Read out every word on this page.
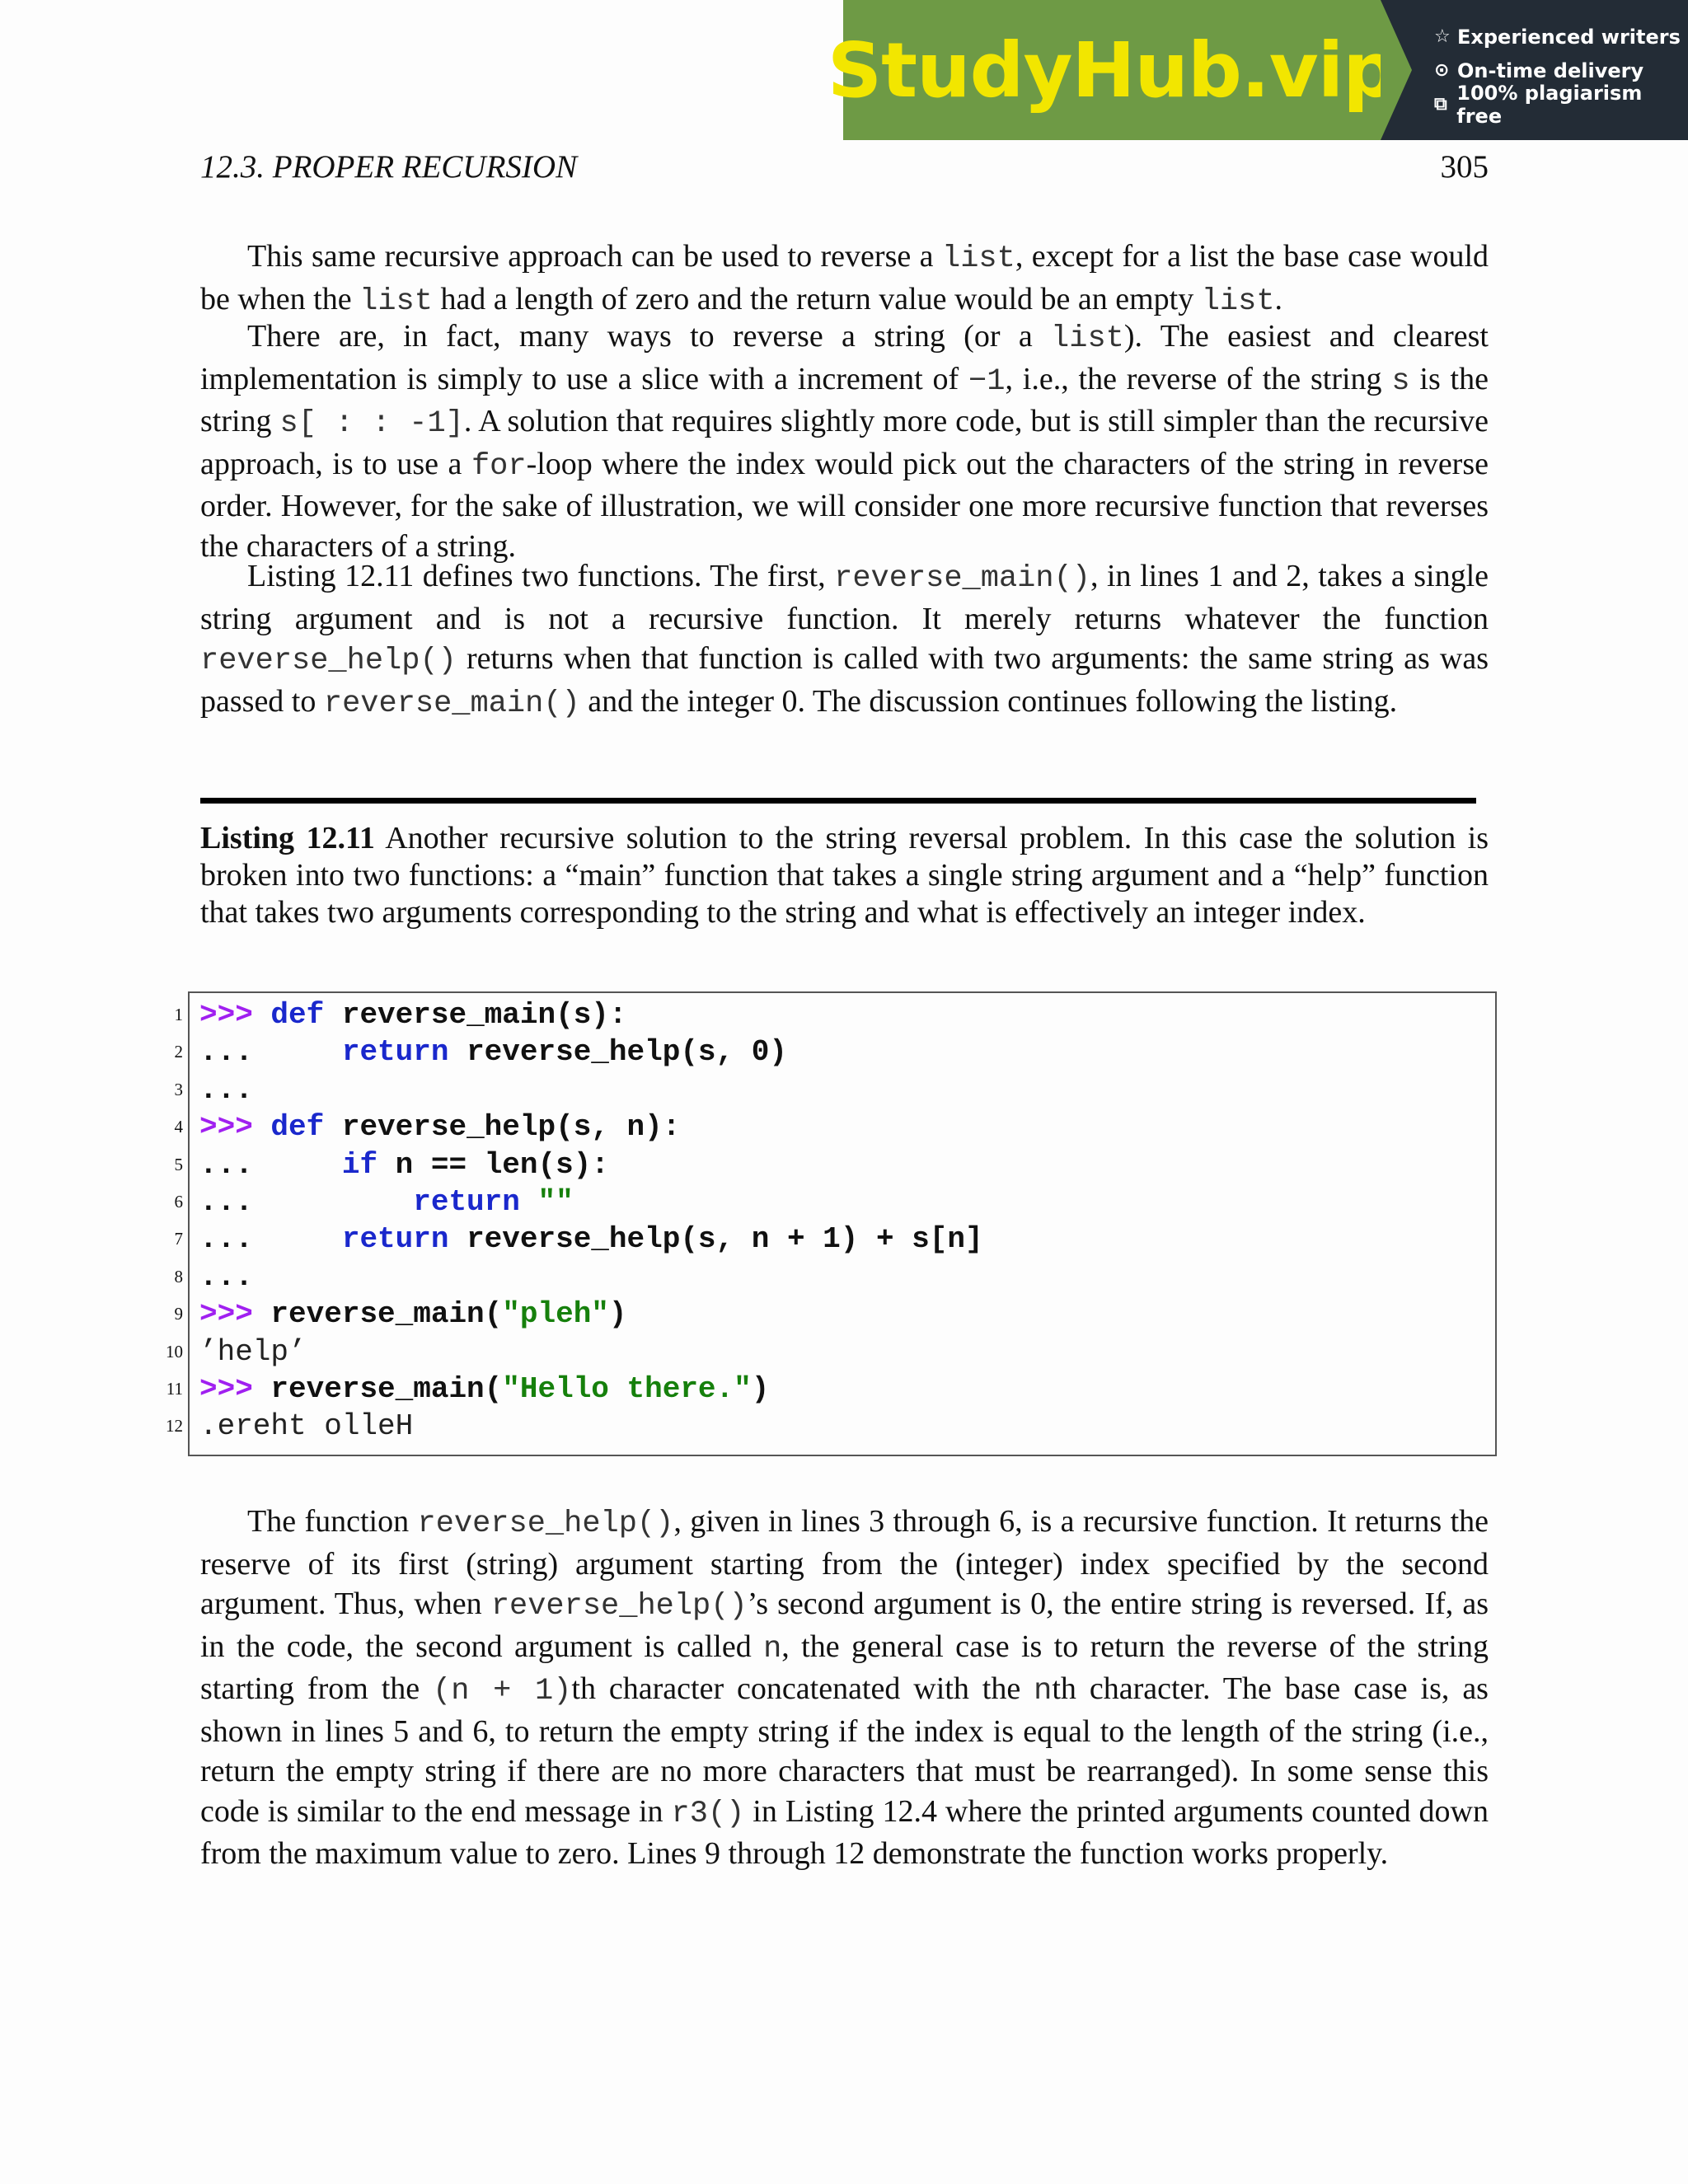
StudyHub.vip ☆ Experienced writers
⊙ On-time delivery
⧉ 100% plagiarism free
12.3. PROPER RECURSION	305

This same recursive approach can be used to reverse a list, except for a list the base case would be when the list had a length of zero and the return value would be an empty list.

There are, in fact, many ways to reverse a string (or a list). The easiest and clearest implementation is simply to use a slice with a increment of −1, i.e., the reverse of the string s is the string s[ : : -1]. A solution that requires slightly more code, but is still simpler than the recursive approach, is to use a for-loop where the index would pick out the characters of the string in reverse order. However, for the sake of illustration, we will consider one more recursive function that reverses the characters of a string.

Listing 12.11 defines two functions. The first, reverse_main(), in lines 1 and 2, takes a single string argument and is not a recursive function. It merely returns whatever the function reverse_help() returns when that function is called with two arguments: the same string as was passed to reverse_main() and the integer 0. The discussion continues following the listing.

Listing 12.11 Another recursive solution to the string reversal problem. In this case the solution is broken into two functions: a “main” function that takes a single string argument and a “help” function that takes two arguments corresponding to the string and what is effectively an integer index.

1 >>> def reverse_main(s):
2 ...	return reverse_help(s, 0)
3 ...
4 >>> def reverse_help(s, n):
5 ...	if n == len(s):
6 ...	return ""
7 ...	return reverse_help(s, n + 1) + s[n]
8 ...
9 >>> reverse_main("pleh")
10 ’help’
11 >>> reverse_main("Hello there.")
12 .ereht olleH

The function reverse_help(), given in lines 3 through 6, is a recursive function. It returns the reserve of its first (string) argument starting from the (integer) index specified by the second argument. Thus, when reverse_help()’s second argument is 0, the entire string is reversed. If, as in the code, the second argument is called n, the general case is to return the reverse of the string starting from the (n + 1)th character concatenated with the nth character. The base case is, as shown in lines 5 and 6, to return the empty string if the index is equal to the length of the string (i.e., return the empty string if there are no more characters that must be rearranged). In some sense this code is similar to the end message in r3() in Listing 12.4 where the printed arguments counted down from the maximum value to zero. Lines 9 through 12 demonstrate the function works properly.
